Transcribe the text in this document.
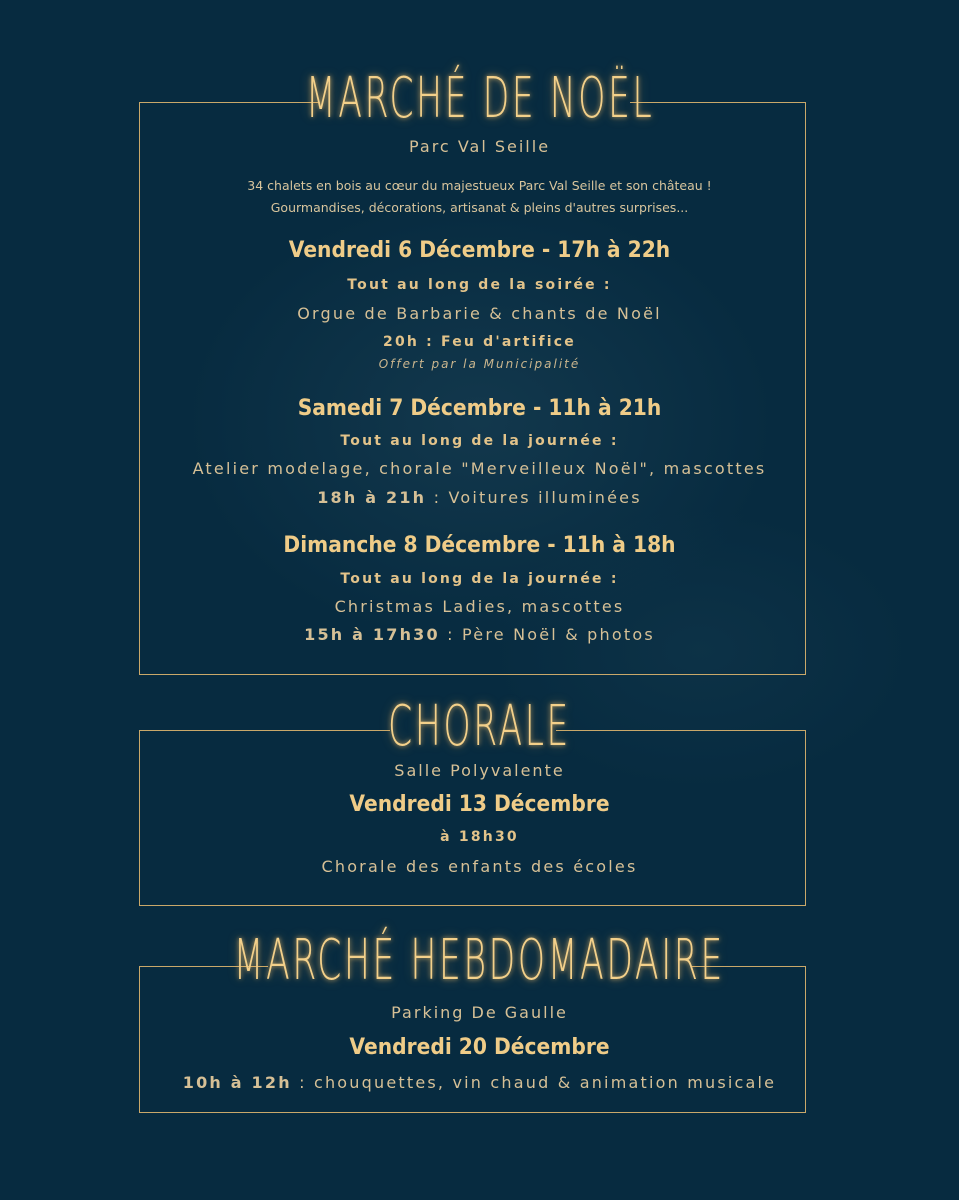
MARCHÉ DE NOËL
Parc Val Seille
34 chalets en bois au cœur du majestueux Parc Val Seille et son château !
Gourmandises, décorations, artisanat & pleins d'autres surprises...
Vendredi 6 Décembre - 17h à 22h
Tout au long de la soirée :
Orgue de Barbarie & chants de Noël
20h : Feu d'artifice
Offert par la Municipalité
Samedi 7 Décembre - 11h à 21h
Tout au long de la journée :
Atelier modelage, chorale "Merveilleux Noël", mascottes
18h à 21h : Voitures illuminées
Dimanche 8 Décembre - 11h à 18h
Tout au long de la journée :
Christmas Ladies, mascottes
15h à 17h30 : Père Noël & photos
CHORALE
Salle Polyvalente
Vendredi 13 Décembre
à 18h30
Chorale des enfants des écoles
MARCHÉ HEBDOMADAIRE
Parking De Gaulle
Vendredi 20 Décembre
10h à 12h : chouquettes, vin chaud & animation musicale
